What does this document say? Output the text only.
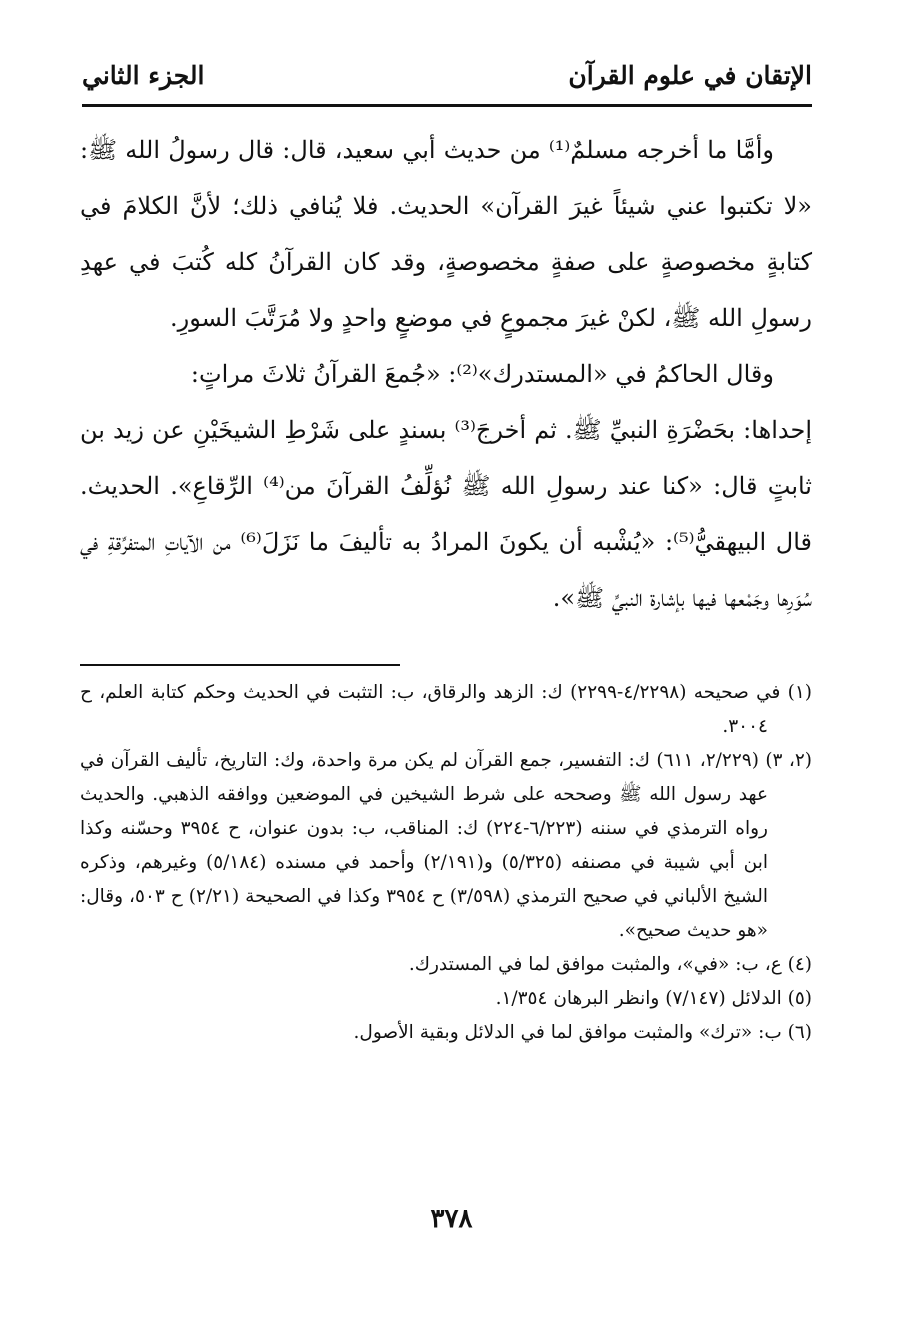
الإتقان في علوم القرآن
الجزء الثاني

وأمَّا ما أخرجه مسلمٌ⁽¹⁾ من حديث أبي سعيد، قال: قال رسولُ الله ﷺ: «لا تكتبوا عني شيئاً غيرَ القرآن» الحديث. فلا يُنافي ذلك؛ لأنَّ الكلامَ في كتابةٍ مخصوصةٍ على صفةٍ مخصوصةٍ، وقد كان القرآنُ كله كُتبَ في عهدِ رسولِ الله ﷺ، لكنْ غيرَ مجموعٍ في موضعٍ واحدٍ ولا مُرَتَّبَ السورِ.

وقال الحاكمُ في «المستدرك»⁽²⁾: «جُمعَ القرآنُ ثلاثَ مراتٍ:

إحداها: بحَضْرَةِ النبيِّ ﷺ. ثم أخرجَ⁽³⁾ بسندٍ على شَرْطِ الشيخَيْنِ عن زيد بن ثابتٍ قال: «كنا عند رسولِ الله ﷺ نُؤلِّفُ القرآنَ من⁽⁴⁾ الرِّقاعِ». الحديث. قال البيهقيُّ⁽⁵⁾: «يُشْبه أن يكونَ المرادُ به تأليفَ ما نَزَلَ⁽⁶⁾ من الآياتِ المتفرِّقةِ في سُوَرِها وجَمْعها فيها بإشارة النبيِّ ﷺ».

(١) في صحيحه (٤/٢٢٩٨-٢٢٩٩) ك: الزهد والرقاق، ب: التثبت في الحديث وحكم كتابة العلم، ح ٣٠٠٤.

(٢، ٣) (٢/٢٢٩، ٦١١) ك: التفسير، جمع القرآن لم يكن مرة واحدة، وك: التاريخ، تأليف القرآن في عهد رسول الله ﷺ وصححه على شرط الشيخين في الموضعين ووافقه الذهبي. والحديث رواه الترمذي في سننه (٦/٢٢٣-٢٢٤) ك: المناقب، ب: بدون عنوان، ح ٣٩٥٤ وحسّنه وكذا ابن أبي شيبة في مصنفه (٥/٣٢٥) و(٢/١٩١) وأحمد في مسنده (٥/١٨٤) وغيرهم، وذكره الشيخ الألباني في صحيح الترمذي (٣/٥٩٨) ح ٣٩٥٤ وكذا في الصحيحة (٢/٢١) ح ٥٠٣، وقال: «هو حديث صحيح».

(٤) ع، ب: «في»، والمثبت موافق لما في المستدرك.

(٥) الدلائل (٧/١٤٧) وانظر البرهان ١/٣٥٤.

(٦) ب: «ترك» والمثبت موافق لما في الدلائل وبقية الأصول.

٣٧٨
